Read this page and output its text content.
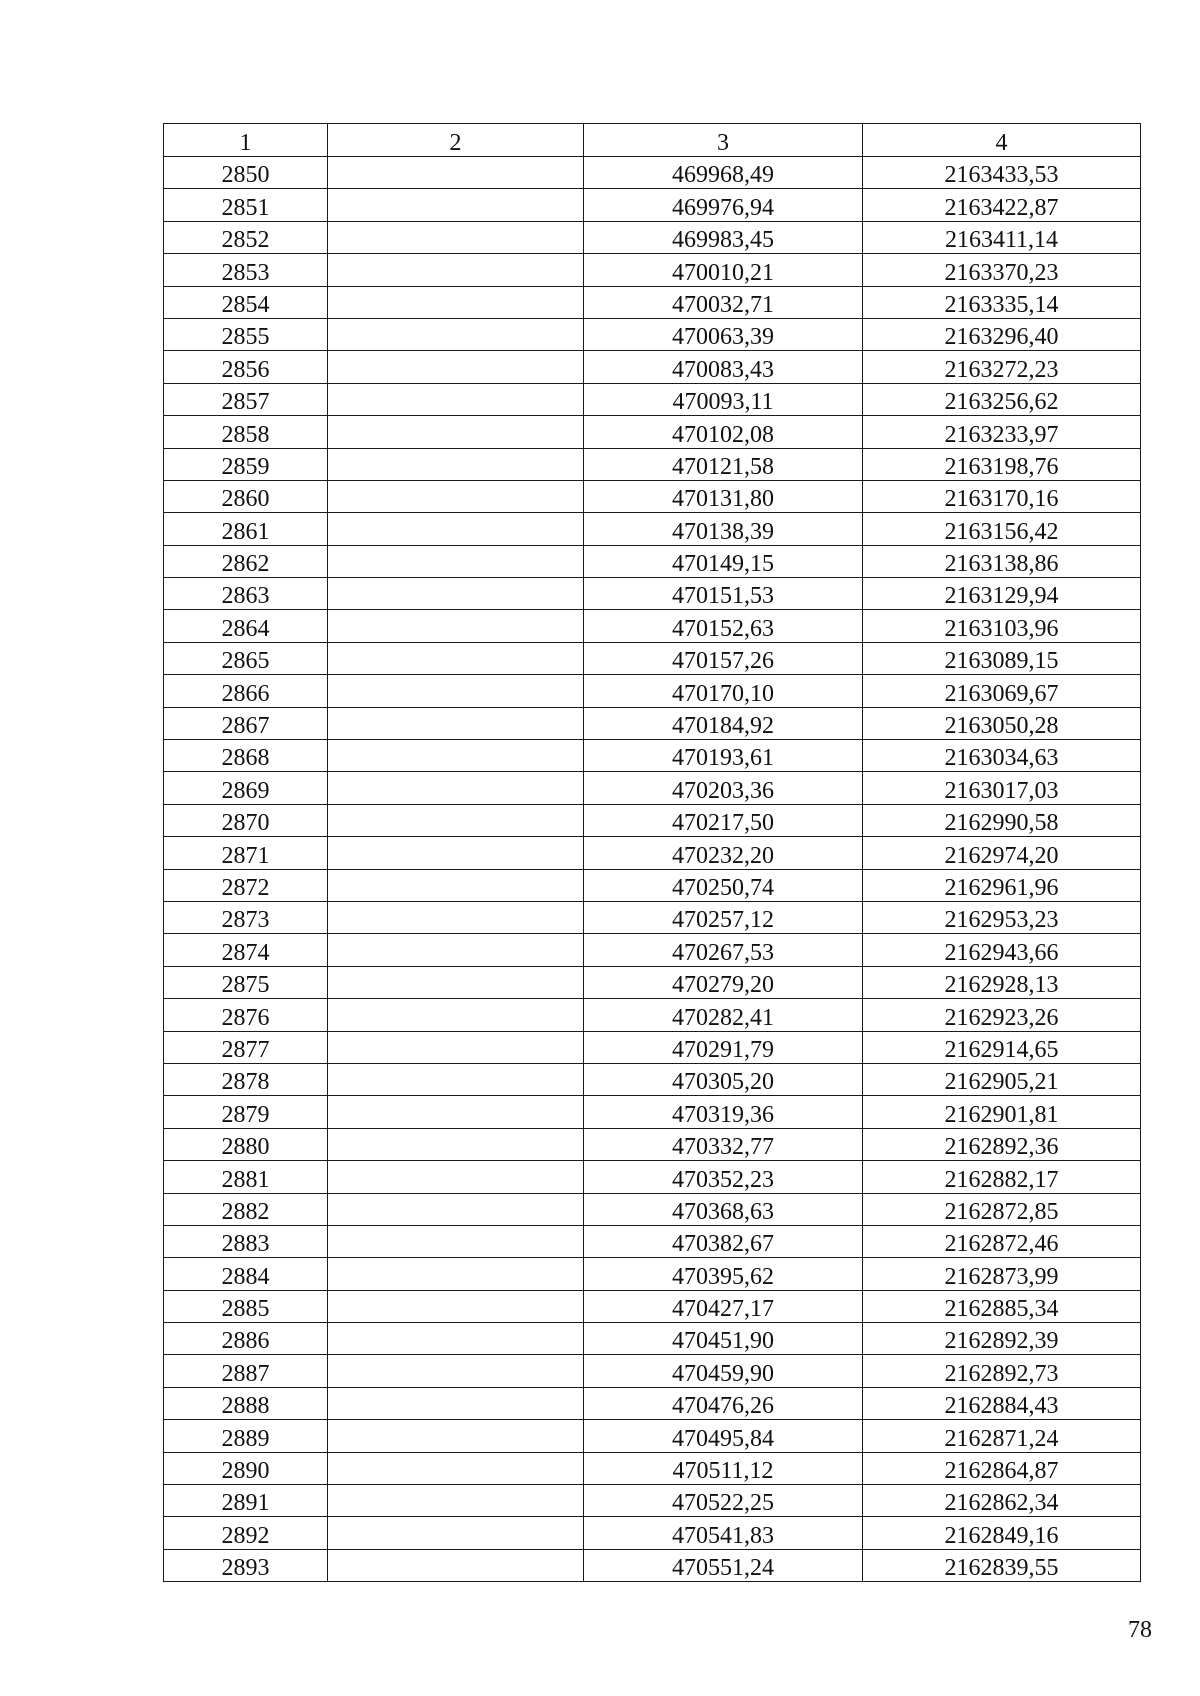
1	2	3	4
2850		469968,49	2163433,53
2851		469976,94	2163422,87
2852		469983,45	2163411,14
2853		470010,21	2163370,23
2854		470032,71	2163335,14
2855		470063,39	2163296,40
2856		470083,43	2163272,23
2857		470093,11	2163256,62
2858		470102,08	2163233,97
2859		470121,58	2163198,76
2860		470131,80	2163170,16
2861		470138,39	2163156,42
2862		470149,15	2163138,86
2863		470151,53	2163129,94
2864		470152,63	2163103,96
2865		470157,26	2163089,15
2866		470170,10	2163069,67
2867		470184,92	2163050,28
2868		470193,61	2163034,63
2869		470203,36	2163017,03
2870		470217,50	2162990,58
2871		470232,20	2162974,20
2872		470250,74	2162961,96
2873		470257,12	2162953,23
2874		470267,53	2162943,66
2875		470279,20	2162928,13
2876		470282,41	2162923,26
2877		470291,79	2162914,65
2878		470305,20	2162905,21
2879		470319,36	2162901,81
2880		470332,77	2162892,36
2881		470352,23	2162882,17
2882		470368,63	2162872,85
2883		470382,67	2162872,46
2884		470395,62	2162873,99
2885		470427,17	2162885,34
2886		470451,90	2162892,39
2887		470459,90	2162892,73
2888		470476,26	2162884,43
2889		470495,84	2162871,24
2890		470511,12	2162864,87
2891		470522,25	2162862,34
2892		470541,83	2162849,16
2893		470551,24	2162839,55
78
